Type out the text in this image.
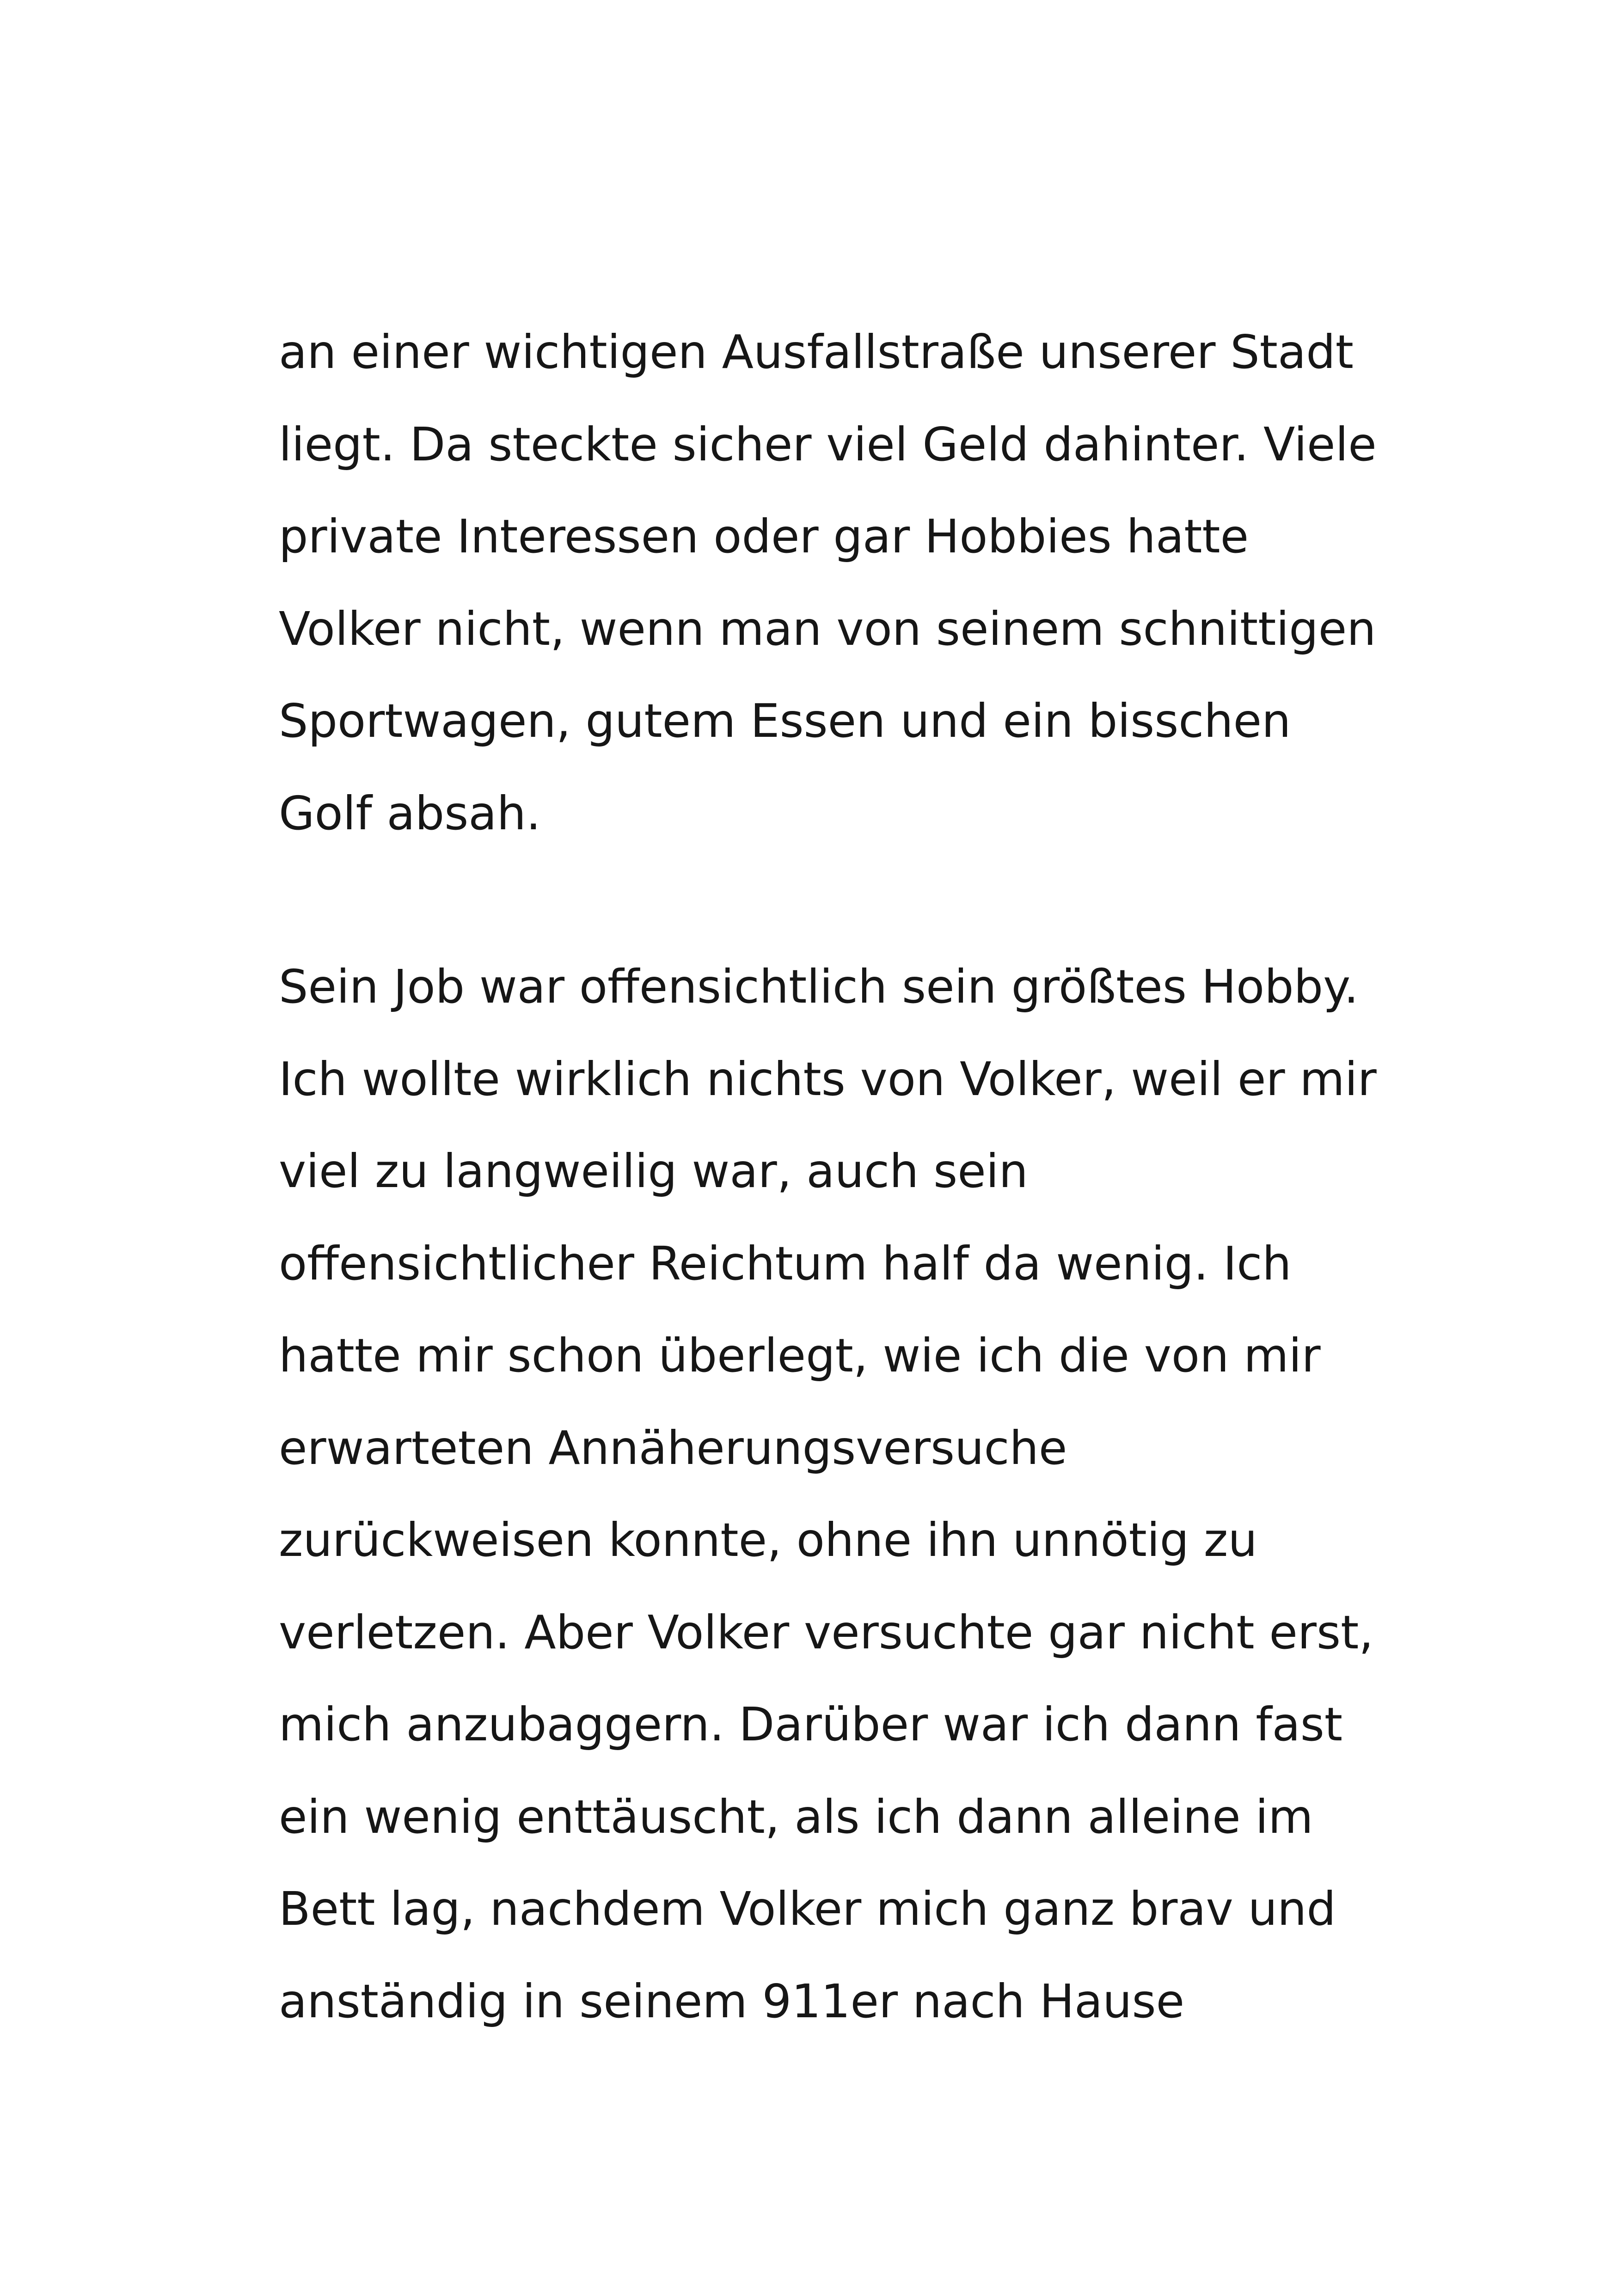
an einer wichtigen Ausfallstraße unserer Stadt
liegt. Da steckte sicher viel Geld dahinter. Viele
private Interessen oder gar Hobbies hatte
Volker nicht, wenn man von seinem schnittigen
Sportwagen, gutem Essen und ein bisschen
Golf absah.

Sein Job war offensichtlich sein größtes Hobby.
Ich wollte wirklich nichts von Volker, weil er mir
viel zu langweilig war, auch sein
offensichtlicher Reichtum half da wenig. Ich
hatte mir schon überlegt, wie ich die von mir
erwarteten Annäherungsversuche
zurückweisen konnte, ohne ihn unnötig zu
verletzen. Aber Volker versuchte gar nicht erst,
mich anzubaggern. Darüber war ich dann fast
ein wenig enttäuscht, als ich dann alleine im
Bett lag, nachdem Volker mich ganz brav und
anständig in seinem 911er nach Hause
